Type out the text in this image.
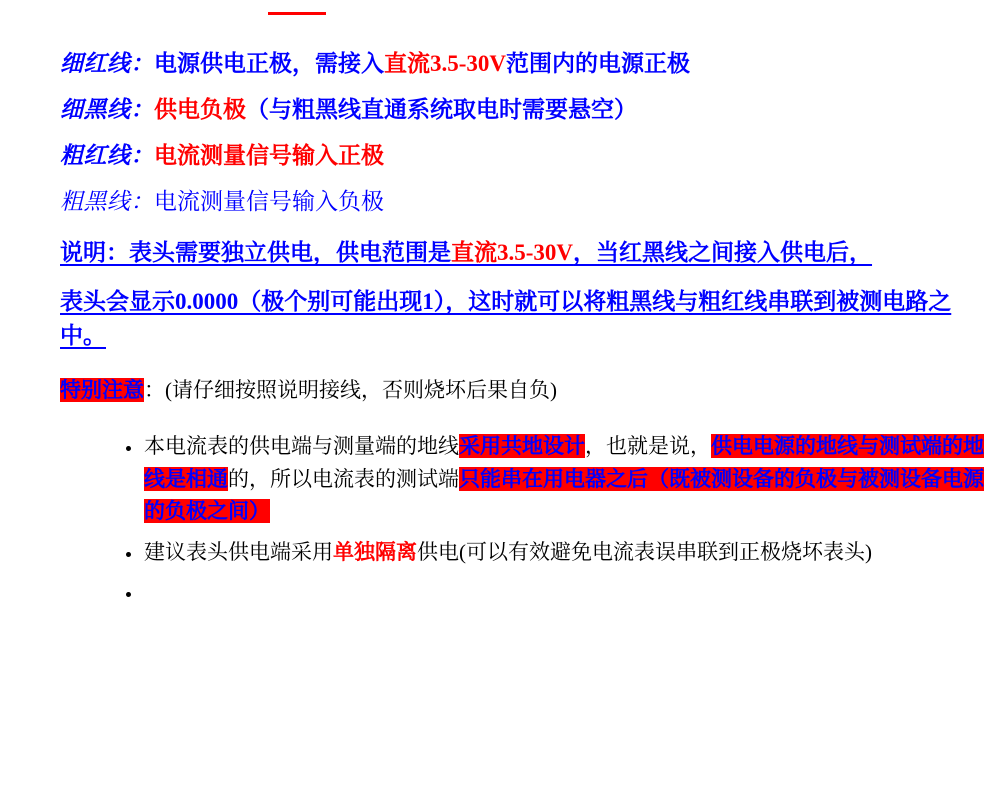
细红线：电源供电正极，需接入直流3.5-30V范围内的电源正极
细黑线：供电负极（与粗黑线直通系统取电时需要悬空）
粗红线：电流测量信号输入正极
粗黑线：电流测量信号输入负极
说明：表头需要独立供电，供电范围是直流3.5-30V，当红黑线之间接入供电后，
表头会显示0.0000（极个别可能出现1），这时就可以将粗黑线与粗红线串联到被测电路之中。
特别注意：(请仔细按照说明接线，否则烧坏后果自负)
本电流表的供电端与测量端的地线采用共地设计，也就是说，供电电源的地线与测试端的地线是相通的，所以电流表的测试端只能串在用电器之后（既被测设备的负极与被测设备电源的负极之间）
建议表头供电端采用单独隔离供电(可以有效避免电流表误串联到正极烧坏表头)
